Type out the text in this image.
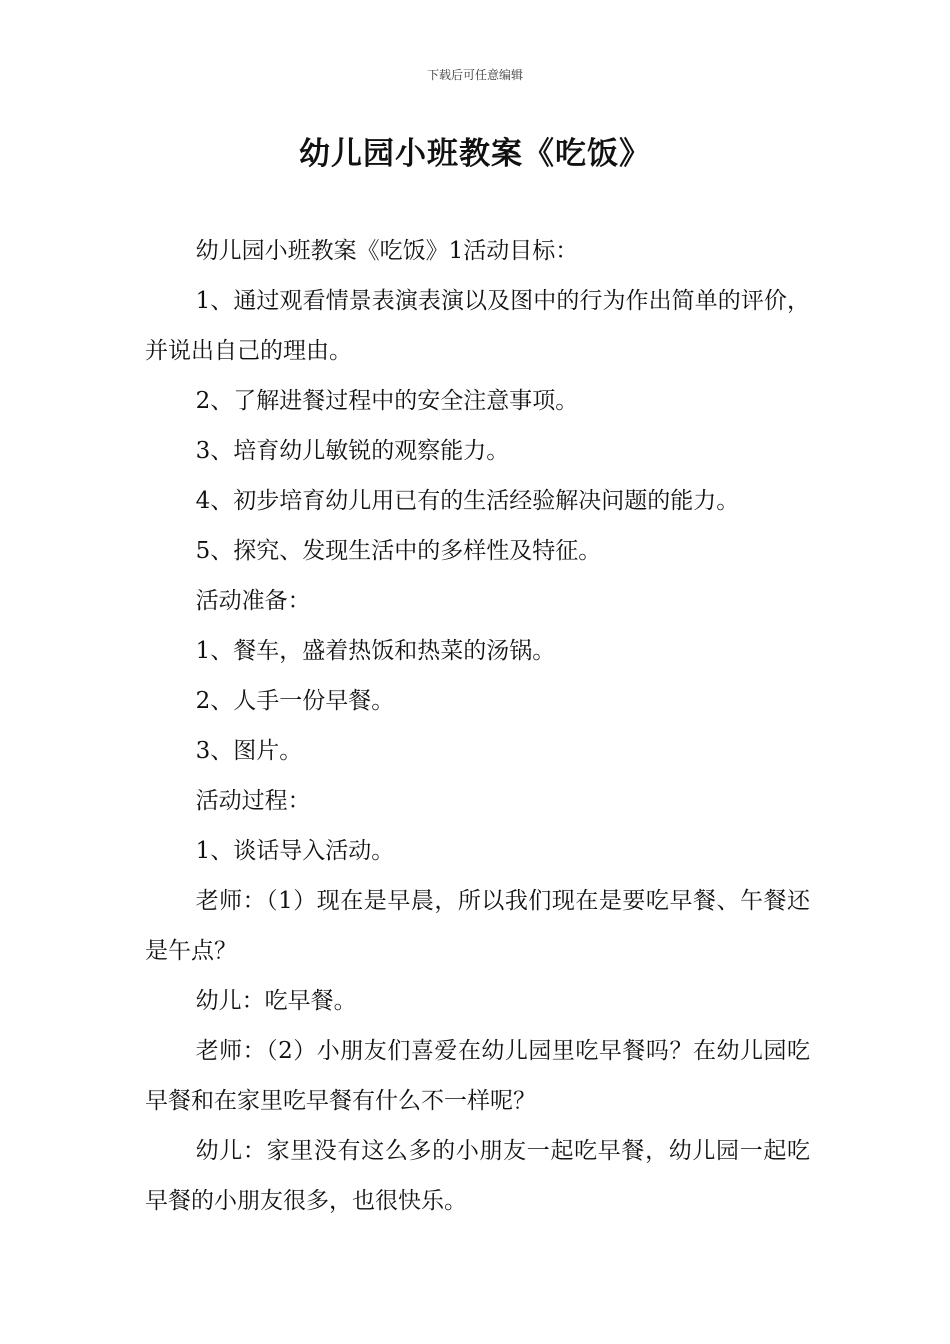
下载后可任意编辑
幼儿园小班教案《吃饭》

幼儿园小班教案《吃饭》1活动目标：

1、通过观看情景表演表演以及图中的行为作出简单的评价，并说出自己的理由。

2、了解进餐过程中的安全注意事项。

3、培育幼儿敏锐的观察能力。

4、初步培育幼儿用已有的生活经验解决问题的能力。

5、探究、发现生活中的多样性及特征。

活动准备：

1、餐车，盛着热饭和热菜的汤锅。

2、人手一份早餐。

3、图片。

活动过程：

1、谈话导入活动。

老师：（1）现在是早晨，所以我们现在是要吃早餐、午餐还是午点？

幼儿：吃早餐。

老师：（2）小朋友们喜爱在幼儿园里吃早餐吗？在幼儿园吃早餐和在家里吃早餐有什么不一样呢？

幼儿：家里没有这么多的小朋友一起吃早餐，幼儿园一起吃早餐的小朋友很多，也很快乐。
